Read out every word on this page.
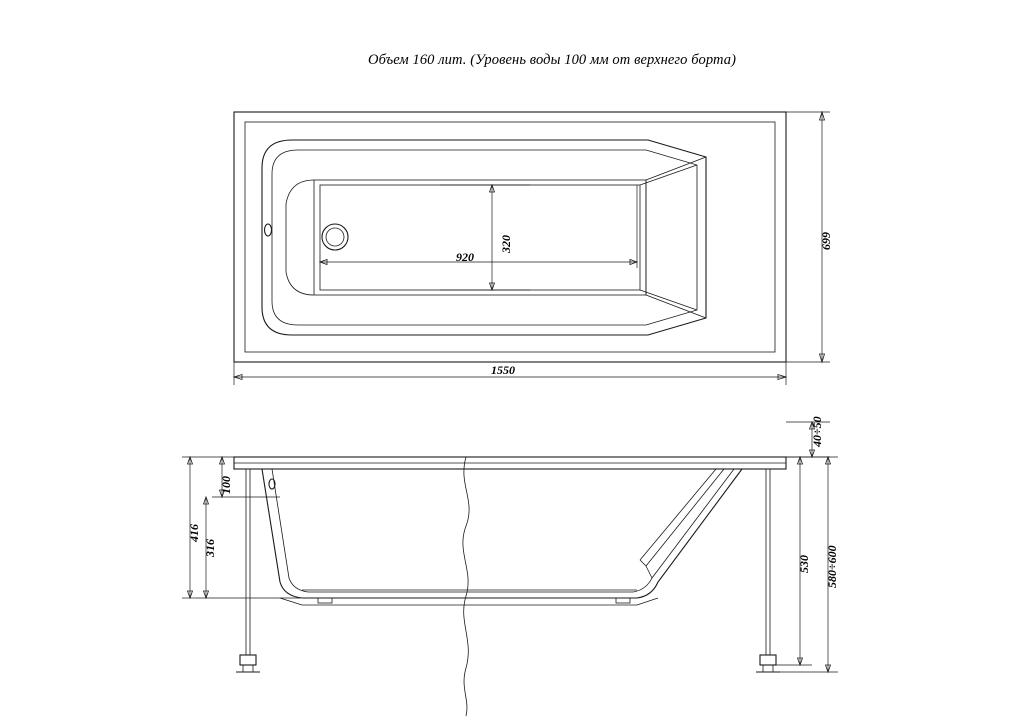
Объем 160 лит. (Уровень воды 100 мм от верхнего борта)
920
320	699
1550
100
316
416
40÷50
530 580÷600
